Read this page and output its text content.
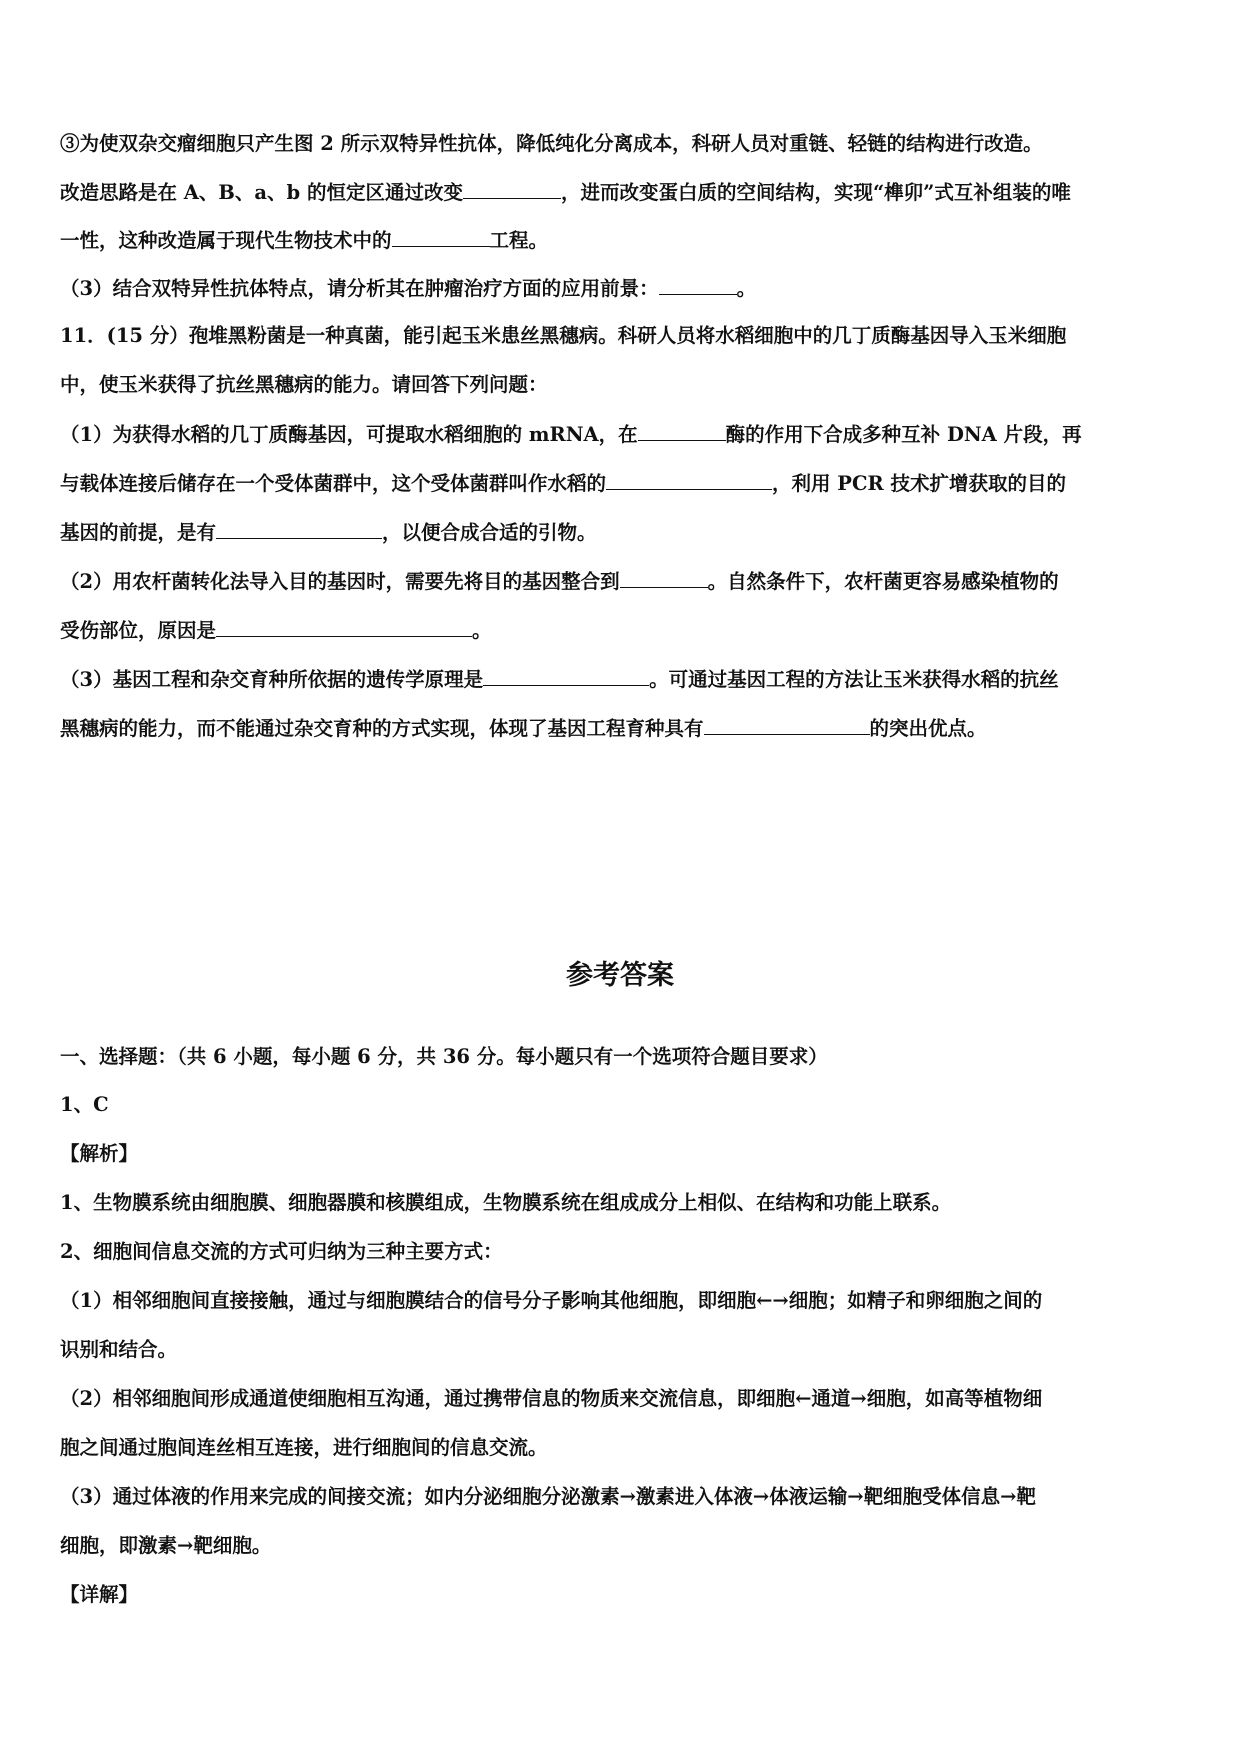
③为使双杂交瘤细胞只产生图 2 所示双特异性抗体，降低纯化分离成本，科研人员对重链、轻链的结构进行改造。
改造思路是在 A、B、a、b 的恒定区通过改变	，进而改变蛋白质的空间结构，实现“榫卯”式互补组装的唯
一性，这种改造属于现代生物技术中的	工程。
（3）结合双特异性抗体特点，请分析其在肿瘤治疗方面的应用前景：	。
11．(15 分）孢堆黑粉菌是一种真菌，能引起玉米患丝黑穗病。科研人员将水稻细胞中的几丁质酶基因导入玉米细胞
中，使玉米获得了抗丝黑穗病的能力。请回答下列问题：
（1）为获得水稻的几丁质酶基因，可提取水稻细胞的 mRNA，在	酶的作用下合成多种互补 DNA 片段，再
与载体连接后储存在一个受体菌群中，这个受体菌群叫作水稻的	，利用 PCR 技术扩增获取的目的
基因的前提，是有	，以便合成合适的引物。
（2）用农杆菌转化法导入目的基因时，需要先将目的基因整合到	。自然条件下，农杆菌更容易感染植物的
受伤部位，原因是	。
（3）基因工程和杂交育种所依据的遗传学原理是	。可通过基因工程的方法让玉米获得水稻的抗丝
黑穗病的能力，而不能通过杂交育种的方式实现，体现了基因工程育种具有	的突出优点。
参考答案
一、选择题：（共 6 小题，每小题 6 分，共 36 分。每小题只有一个选项符合题目要求）
1、C
【解析】
1、生物膜系统由细胞膜、细胞器膜和核膜组成，生物膜系统在组成成分上相似、在结构和功能上联系。
2、细胞间信息交流的方式可归纳为三种主要方式：
（1）相邻细胞间直接接触，通过与细胞膜结合的信号分子影响其他细胞，即细胞←→细胞；如精子和卵细胞之间的
识别和结合。
（2）相邻细胞间形成通道使细胞相互沟通，通过携带信息的物质来交流信息，即细胞←通道→细胞，如高等植物细
胞之间通过胞间连丝相互连接，进行细胞间的信息交流。
（3）通过体液的作用来完成的间接交流；如内分泌细胞分泌激素→激素进入体液→体液运输→靶细胞受体信息→靶
细胞，即激素→靶细胞。
【详解】
